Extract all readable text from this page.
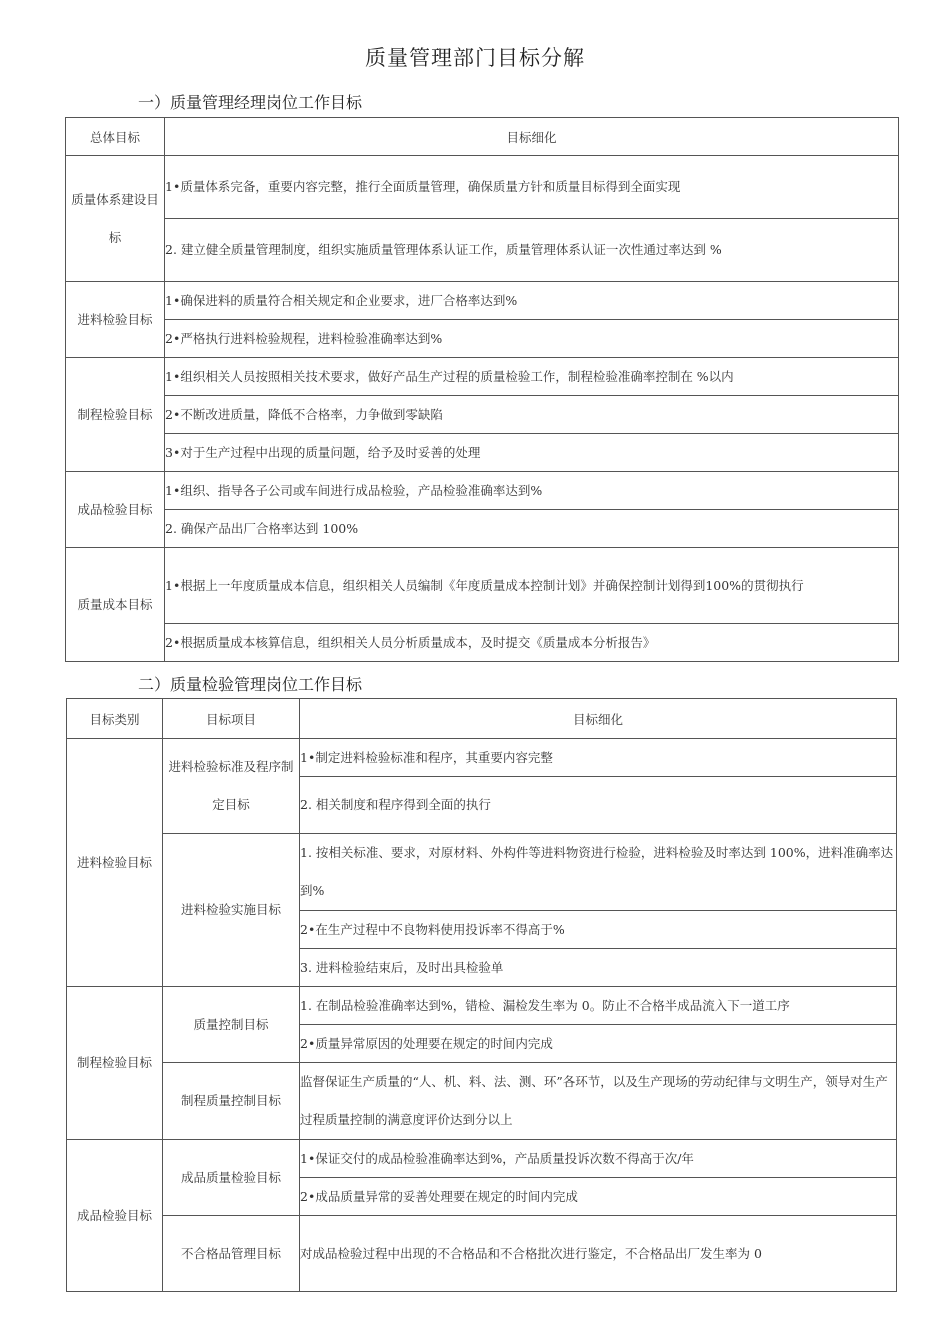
质量管理部门目标分解
一）质量管理经理岗位工作目标
总体目标	目标细化
质量体系建设目标	1•质量体系完备，重要内容完整，推行全面质量管理，确保质量方针和质量目标得到全面实现
	2. 建立健全质量管理制度，组织实施质量管理体系认证工作，质量管理体系认证一次性通过率达到 %
进料检验目标	1•确保进料的质量符合相关规定和企业要求，进厂合格率达到%
	2•严格执行进料检验规程，进料检验准确率达到%
制程检验目标	1•组织相关人员按照相关技术要求，做好产品生产过程的质量检验工作，制程检验准确率控制在 %以内
	2•不断改进质量，降低不合格率，力争做到零缺陷
	3•对于生产过程中出现的质量问题，给予及时妥善的处理
成品检验目标	1•组织、指导各子公司或车间进行成品检验，产品检验准确率达到%
	2. 确保产品出厂合格率达到 100%
质量成本目标	1•根据上一年度质量成本信息，组织相关人员编制《年度质量成本控制计划》并确保控制计划得到100%的贯彻执行
	2•根据质量成本核算信息，组织相关人员分析质量成本，及时提交《质量成本分析报告》
二）质量检验管理岗位工作目标
目标类别	目标项目	目标细化
进料检验目标	进料检验标准及程序制定目标	1•制定进料检验标准和程序，其重要内容完整
		2. 相关制度和程序得到全面的执行
	进料检验实施目标	1. 按相关标准、要求，对原材料、外构件等进料物资进行检验，进料检验及时率达到 100%，进料准确率达到%
		2•在生产过程中不良物料使用投诉率不得高于%
		3. 进料检验结束后，及时出具检验单
制程检验目标	质量控制目标	1. 在制品检验准确率达到%，错检、漏检发生率为 0。防止不合格半成品流入下一道工序
		2•质量异常原因的处理要在规定的时间内完成
	制程质量控制目标	监督保证生产质量的“人、机、料、法、测、环”各环节，以及生产现场的劳动纪律与文明生产，领导对生产过程质量控制的满意度评价达到分以上
成品检验目标	成品质量检验目标	1•保证交付的成品检验准确率达到%，产品质量投诉次数不得高于次/年
		2•成品质量异常的妥善处理要在规定的时间内完成
	不合格品管理目标	对成品检验过程中出现的不合格品和不合格批次进行鉴定，不合格品出厂发生率为 0
